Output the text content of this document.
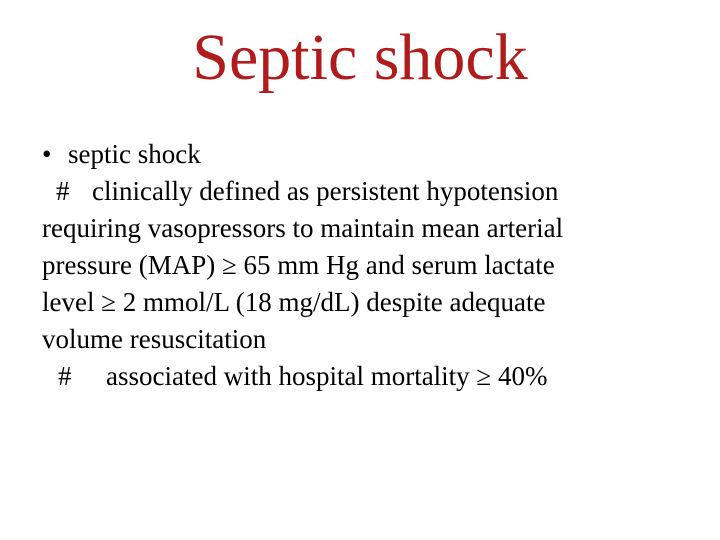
Septic shock
• septic shock
# clinically defined as persistent hypotension
requiring vasopressors to maintain mean arterial
pressure (MAP) ≥ 65 mm Hg and serum lactate
level ≥ 2 mmol/L (18 mg/dL) despite adequate
volume resuscitation
# associated with hospital mortality ≥ 40%
